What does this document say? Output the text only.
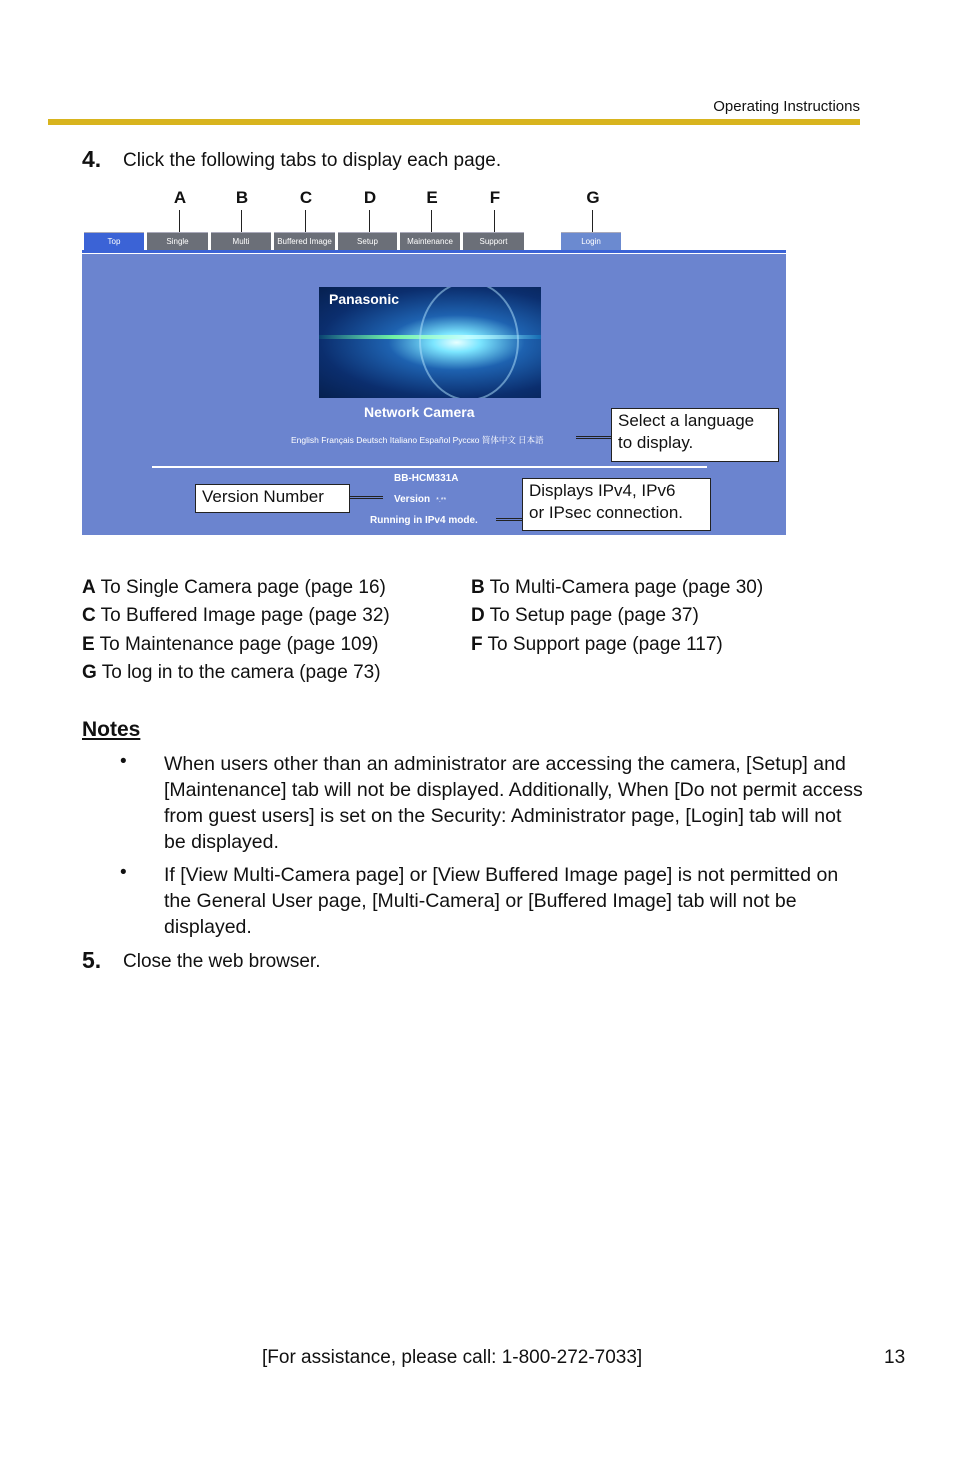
Operating Instructions
4. Click the following tabs to display each page.
A	B	C	D	E	F	G
Top	Single	Multi	Buffered Image	Setup	Maintenance	Support	Login
Panasonic
Network Camera
English Français Deutsch Italiano Español Русско 简体中文 日本語
BB-HCM331A
Version *.**
Running in IPv4 mode.
Select a language
to display.
Version Number	Displays IPv4, IPv6
or IPsec connection.
A To Single Camera page (page 16)	B To Multi-Camera page (page 30)
C To Buffered Image page (page 32)	D To Setup page (page 37)
E To Maintenance page (page 109)	F To Support page (page 117)
G To log in to the camera (page 73)
Notes
• When users other than an administrator are accessing the camera, [Setup] and [Maintenance] tab will not be displayed. Additionally, When [Do not permit access from guest users] is set on the Security: Administrator page, [Login] tab will not be displayed.
• If [View Multi-Camera page] or [View Buffered Image page] is not permitted on the General User page, [Multi-Camera] or [Buffered Image] tab will not be displayed.
5. Close the web browser.
[For assistance, please call: 1-800-272-7033]	13
